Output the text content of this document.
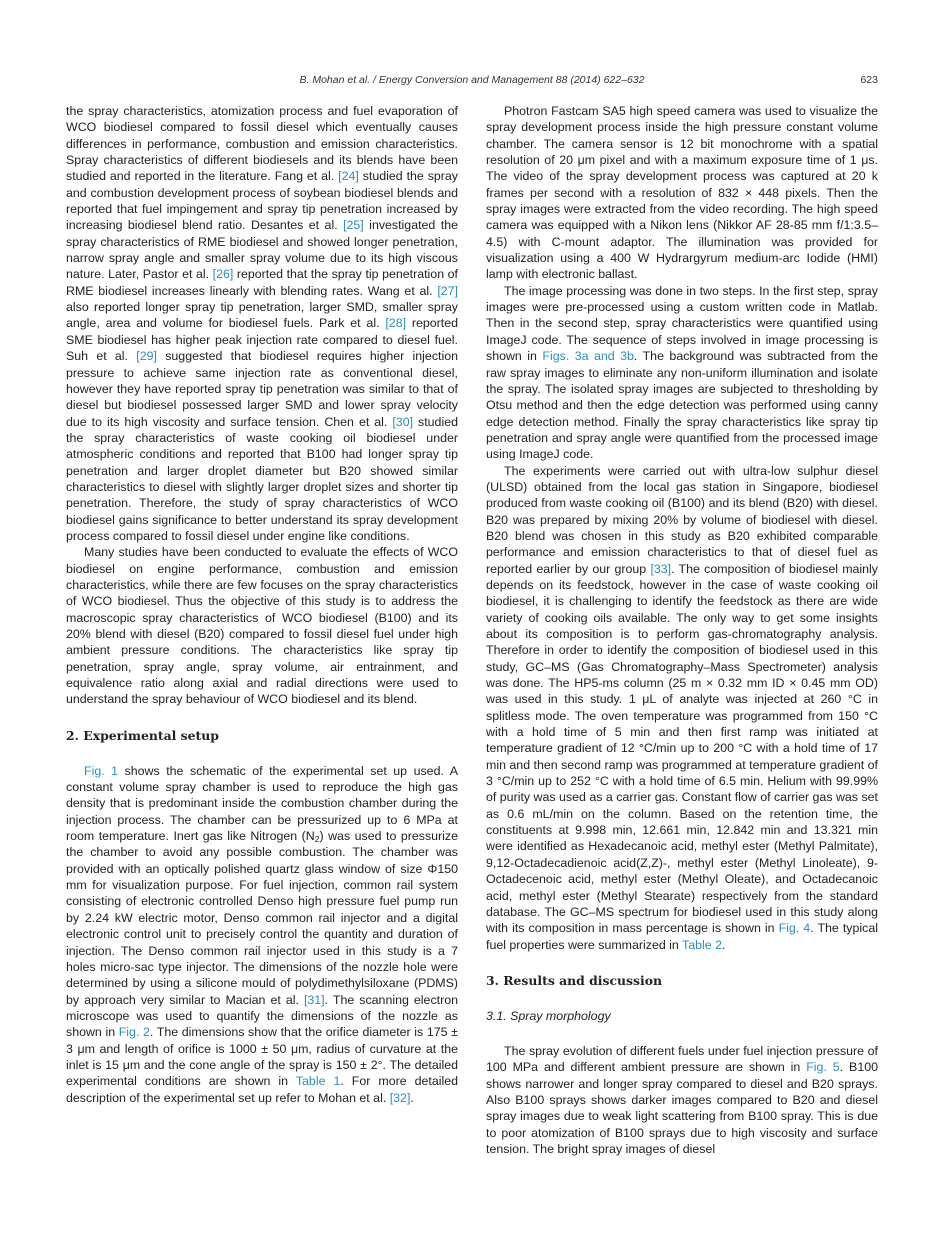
B. Mohan et al. / Energy Conversion and Management 88 (2014) 622–632	623

the spray characteristics, atomization process and fuel evaporation of WCO biodiesel compared to fossil diesel which eventually causes differences in performance, combustion and emission characteristics. Spray characteristics of different biodiesels and its blends have been studied and reported in the literature. Fang et al. [24] studied the spray and combustion development process of soybean biodiesel blends and reported that fuel impingement and spray tip penetration increased by increasing biodiesel blend ratio. Desantes et al. [25] investigated the spray characteristics of RME biodiesel and showed longer penetration, narrow spray angle and smaller spray volume due to its high viscous nature. Later, Pastor et al. [26] reported that the spray tip penetration of RME biodiesel increases linearly with blending rates. Wang et al. [27] also reported longer spray tip penetration, larger SMD, smaller spray angle, area and volume for biodiesel fuels. Park et al. [28] reported SME biodiesel has higher peak injection rate compared to diesel fuel. Suh et al. [29] suggested that biodiesel requires higher injection pressure to achieve same injection rate as conventional diesel, however they have reported spray tip penetration was similar to that of diesel but biodiesel possessed larger SMD and lower spray velocity due to its high viscosity and surface tension. Chen et al. [30] studied the spray characteristics of waste cooking oil biodiesel under atmospheric conditions and reported that B100 had longer spray tip penetration and larger droplet diameter but B20 showed similar characteristics to diesel with slightly larger droplet sizes and shorter tip penetration. Therefore, the study of spray characteristics of WCO biodiesel gains significance to better understand its spray development process compared to fossil diesel under engine like conditions.

Many studies have been conducted to evaluate the effects of WCO biodiesel on engine performance, combustion and emission characteristics, while there are few focuses on the spray characteristics of WCO biodiesel. Thus the objective of this study is to address the macroscopic spray characteristics of WCO biodiesel (B100) and its 20% blend with diesel (B20) compared to fossil diesel fuel under high ambient pressure conditions. The characteristics like spray tip penetration, spray angle, spray volume, air entrainment, and equivalence ratio along axial and radial directions were used to understand the spray behaviour of WCO biodiesel and its blend.

2. Experimental setup

Fig. 1 shows the schematic of the experimental set up used. A constant volume spray chamber is used to reproduce the high gas density that is predominant inside the combustion chamber during the injection process. The chamber can be pressurized up to 6 MPa at room temperature. Inert gas like Nitrogen $(N_2)$ was used to pressurize the chamber to avoid any possible combustion. The chamber was provided with an optically polished quartz glass window of size Φ150 mm for visualization purpose. For fuel injection, common rail system consisting of electronic controlled Denso high pressure fuel pump run by 2.24 kW electric motor, Denso common rail injector and a digital electronic control unit to precisely control the quantity and duration of injection. The Denso common rail injector used in this study is a 7 holes micro-sac type injector. The dimensions of the nozzle hole were determined by using a silicone mould of polydimethylsiloxane (PDMS) by approach very similar to Macian et al. [31]. The scanning electron microscope was used to quantify the dimensions of the nozzle as shown in Fig. 2. The dimensions show that the orifice diameter is 175 ± 3 μm and length of orifice is 1000 ± 50 μm, radius of curvature at the inlet is 15 μm and the cone angle of the spray is 150 ± 2°. The detailed experimental conditions are shown in Table 1. For more detailed description of the experimental set up refer to Mohan et al. [32].

Photron Fastcam SA5 high speed camera was used to visualize the spray development process inside the high pressure constant volume chamber. The camera sensor is 12 bit monochrome with a spatial resolution of 20 μm pixel and with a maximum exposure time of 1 μs. The video of the spray development process was captured at 20 k frames per second with a resolution of 832 × 448 pixels. Then the spray images were extracted from the video recording. The high speed camera was equipped with a Nikon lens (Nikkor AF 28-85 mm f/1:3.5–4.5) with C-mount adaptor. The illumination was provided for visualization using a 400 W Hydrargyrum medium-arc Iodide (HMI) lamp with electronic ballast.

The image processing was done in two steps. In the first step, spray images were pre-processed using a custom written code in Matlab. Then in the second step, spray characteristics were quantified using ImageJ code. The sequence of steps involved in image processing is shown in Figs. 3a and 3b. The background was subtracted from the raw spray images to eliminate any non-uniform illumination and isolate the spray. The isolated spray images are subjected to thresholding by Otsu method and then the edge detection was performed using canny edge detection method. Finally the spray characteristics like spray tip penetration and spray angle were quantified from the processed image using ImageJ code.

The experiments were carried out with ultra-low sulphur diesel (ULSD) obtained from the local gas station in Singapore, biodiesel produced from waste cooking oil (B100) and its blend (B20) with diesel. B20 was prepared by mixing 20% by volume of biodiesel with diesel. B20 blend was chosen in this study as B20 exhibited comparable performance and emission characteristics to that of diesel fuel as reported earlier by our group [33]. The composition of biodiesel mainly depends on its feedstock, however in the case of waste cooking oil biodiesel, it is challenging to identify the feedstock as there are wide variety of cooking oils available. The only way to get some insights about its composition is to perform gas-chromatography analysis. Therefore in order to identify the composition of biodiesel used in this study, GC–MS (Gas Chromatography–Mass Spectrometer) analysis was done. The HP5-ms column (25 m × 0.32 mm ID × 0.45 mm OD) was used in this study. 1 μL of analyte was injected at 260 °C in splitless mode. The oven temperature was programmed from 150 °C with a hold time of 5 min and then first ramp was initiated at temperature gradient of 12 °C/min up to 200 °C with a hold time of 17 min and then second ramp was programmed at temperature gradient of 3 °C/min up to 252 °C with a hold time of 6.5 min. Helium with 99.99% of purity was used as a carrier gas. Constant flow of carrier gas was set as 0.6 mL/min on the column. Based on the retention time, the constituents at 9.998 min, 12.661 min, 12.842 min and 13.321 min were identified as Hexadecanoic acid, methyl ester (Methyl Palmitate), 9,12-Octadecadienoic acid(Z,Z)-, methyl ester (Methyl Linoleate), 9-Octadecenoic acid, methyl ester (Methyl Oleate), and Octadecanoic acid, methyl ester (Methyl Stearate) respectively from the standard database. The GC–MS spectrum for biodiesel used in this study along with its composition in mass percentage is shown in Fig. 4. The typical fuel properties were summarized in Table 2.

3. Results and discussion
3.1. Spray morphology

The spray evolution of different fuels under fuel injection pressure of 100 MPa and different ambient pressure are shown in Fig. 5. B100 shows narrower and longer spray compared to diesel and B20 sprays. Also B100 sprays shows darker images compared to B20 and diesel spray images due to weak light scattering from B100 spray. This is due to poor atomization of B100 sprays due to high viscosity and surface tension. The bright spray images of diesel
